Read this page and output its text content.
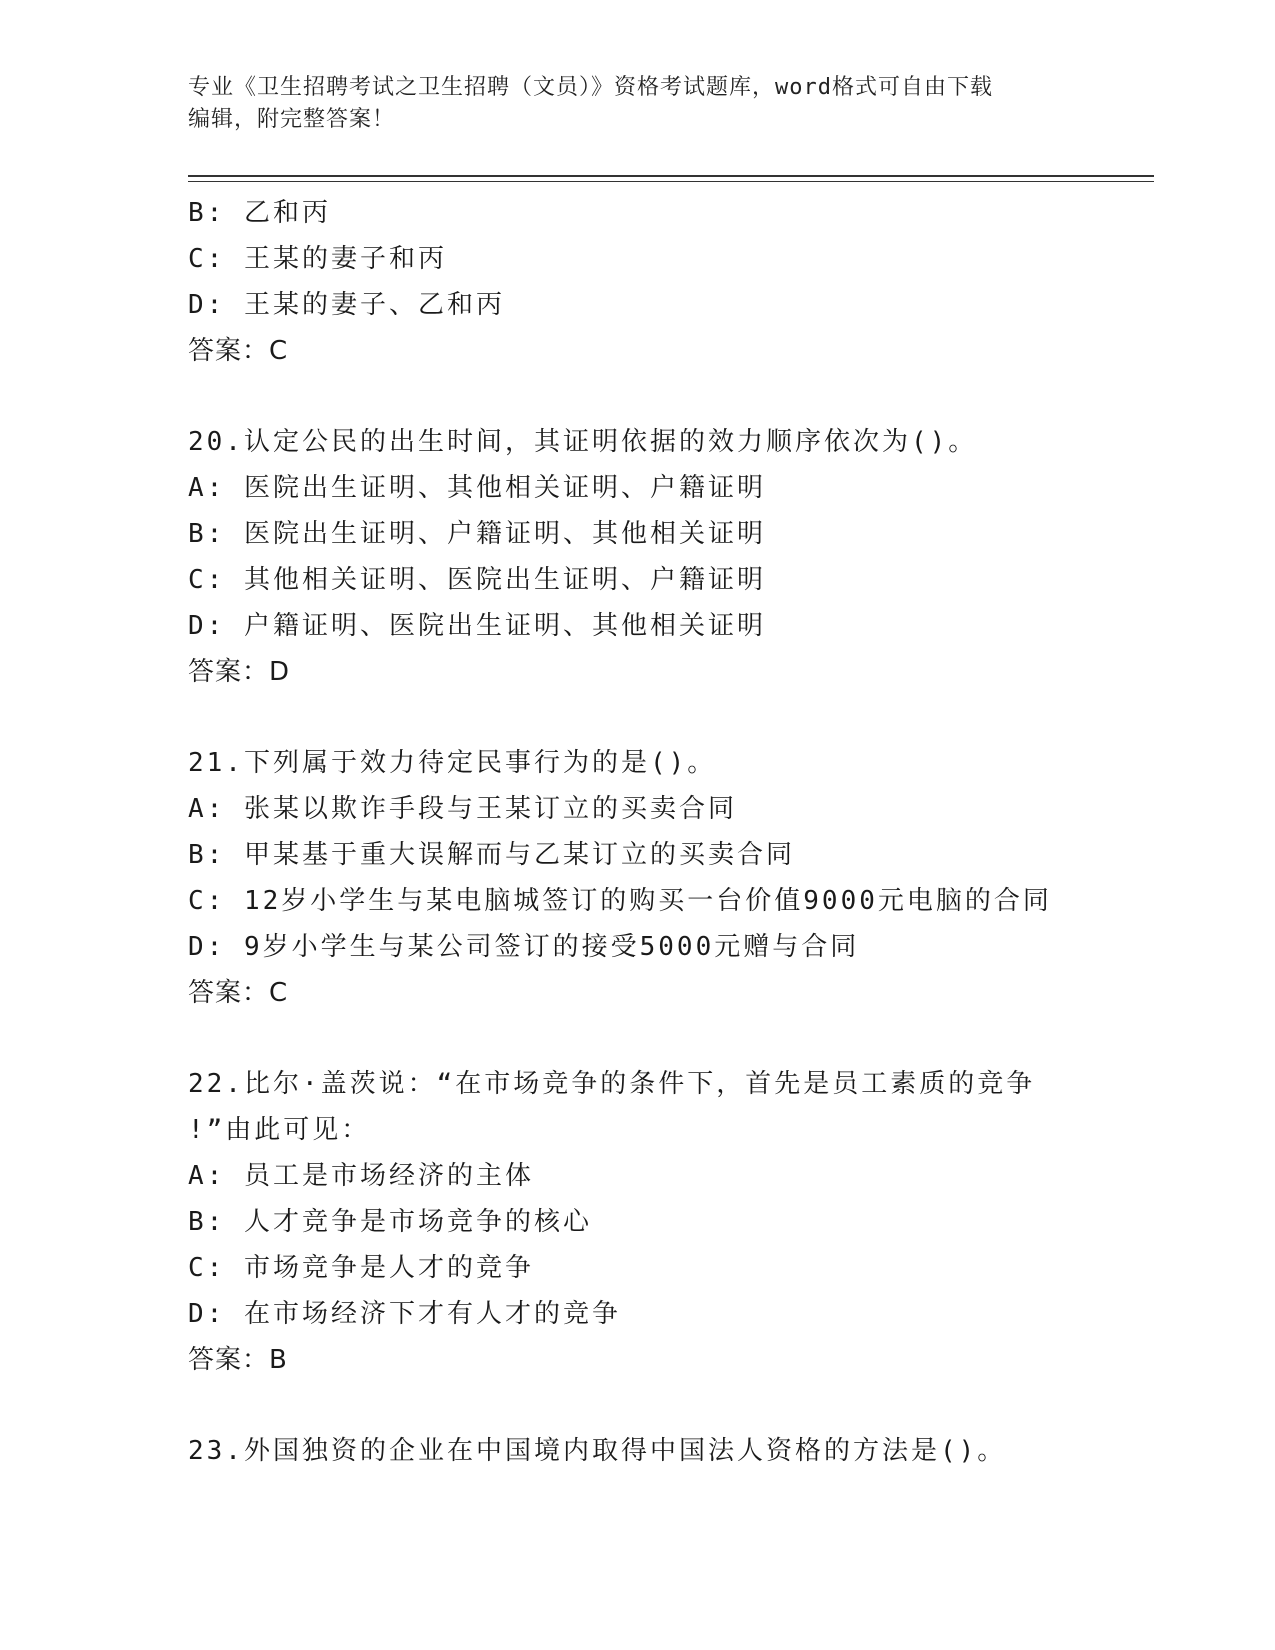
专业《卫生招聘考试之卫生招聘（文员）》资格考试题库，word格式可自由下载
编辑，附完整答案！
B: 乙和丙
C: 王某的妻子和丙
D: 王某的妻子、乙和丙
答案：C
20.认定公民的出生时间，其证明依据的效力顺序依次为()。
A: 医院出生证明、其他相关证明、户籍证明
B: 医院出生证明、户籍证明、其他相关证明
C: 其他相关证明、医院出生证明、户籍证明
D: 户籍证明、医院出生证明、其他相关证明
答案：D
21.下列属于效力待定民事行为的是()。
A: 张某以欺诈手段与王某订立的买卖合同
B: 甲某基于重大误解而与乙某订立的买卖合同
C: 12岁小学生与某电脑城签订的购买一台价值9000元电脑的合同
D: 9岁小学生与某公司签订的接受5000元赠与合同
答案：C
22.比尔·盖茨说：“在市场竞争的条件下，首先是员工素质的竞争
!”由此可见：
A: 员工是市场经济的主体
B: 人才竞争是市场竞争的核心
C: 市场竞争是人才的竞争
D: 在市场经济下才有人才的竞争
答案：B
23.外国独资的企业在中国境内取得中国法人资格的方法是()。
